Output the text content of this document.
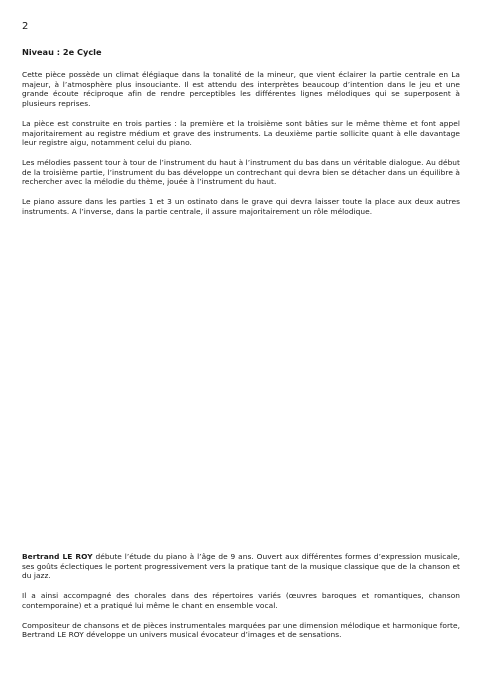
2
Niveau : 2e Cycle

Cette pièce possède un climat élégiaque dans la tonalité de la mineur, que vient éclairer la partie centrale en La majeur, à l’atmosphère plus insouciante. Il est attendu des interprètes beaucoup d’intention dans le jeu et une grande écoute réciproque afin de rendre perceptibles les différentes lignes mélodiques qui se superposent à plusieurs reprises.

La pièce est construite en trois parties : la première et la troisième sont bâties sur le même thème et font appel majoritairement au registre médium et grave des instruments. La deuxième partie sollicite quant à elle davantage leur registre aigu, notamment celui du piano.

Les mélodies passent tour à tour de l’instrument du haut à l’instrument du bas dans un véritable dialogue. Au début de la troisième partie, l’instrument du bas développe un contrechant qui devra bien se détacher dans un équilibre à rechercher avec la mélodie du thème, jouée à l’instrument du haut.

Le piano assure dans les parties 1 et 3 un ostinato dans le grave qui devra laisser toute la place aux deux autres instruments. A l’inverse, dans la partie centrale, il assure majoritairement un rôle mélodique.

Bertrand LE ROY débute l’étude du piano à l’âge de 9 ans. Ouvert aux différentes formes d’expression musicale, ses goûts éclectiques le portent progressivement vers la pratique tant de la musique classique que de la chanson et du jazz.

Il a ainsi accompagné des chorales dans des répertoires variés (œuvres baroques et romantiques, chanson contemporaine) et a pratiqué lui même le chant en ensemble vocal.

Compositeur de chansons et de pièces instrumentales marquées par une dimension mélodique et harmonique forte, Bertrand LE ROY développe un univers musical évocateur d’images et de sensations.
